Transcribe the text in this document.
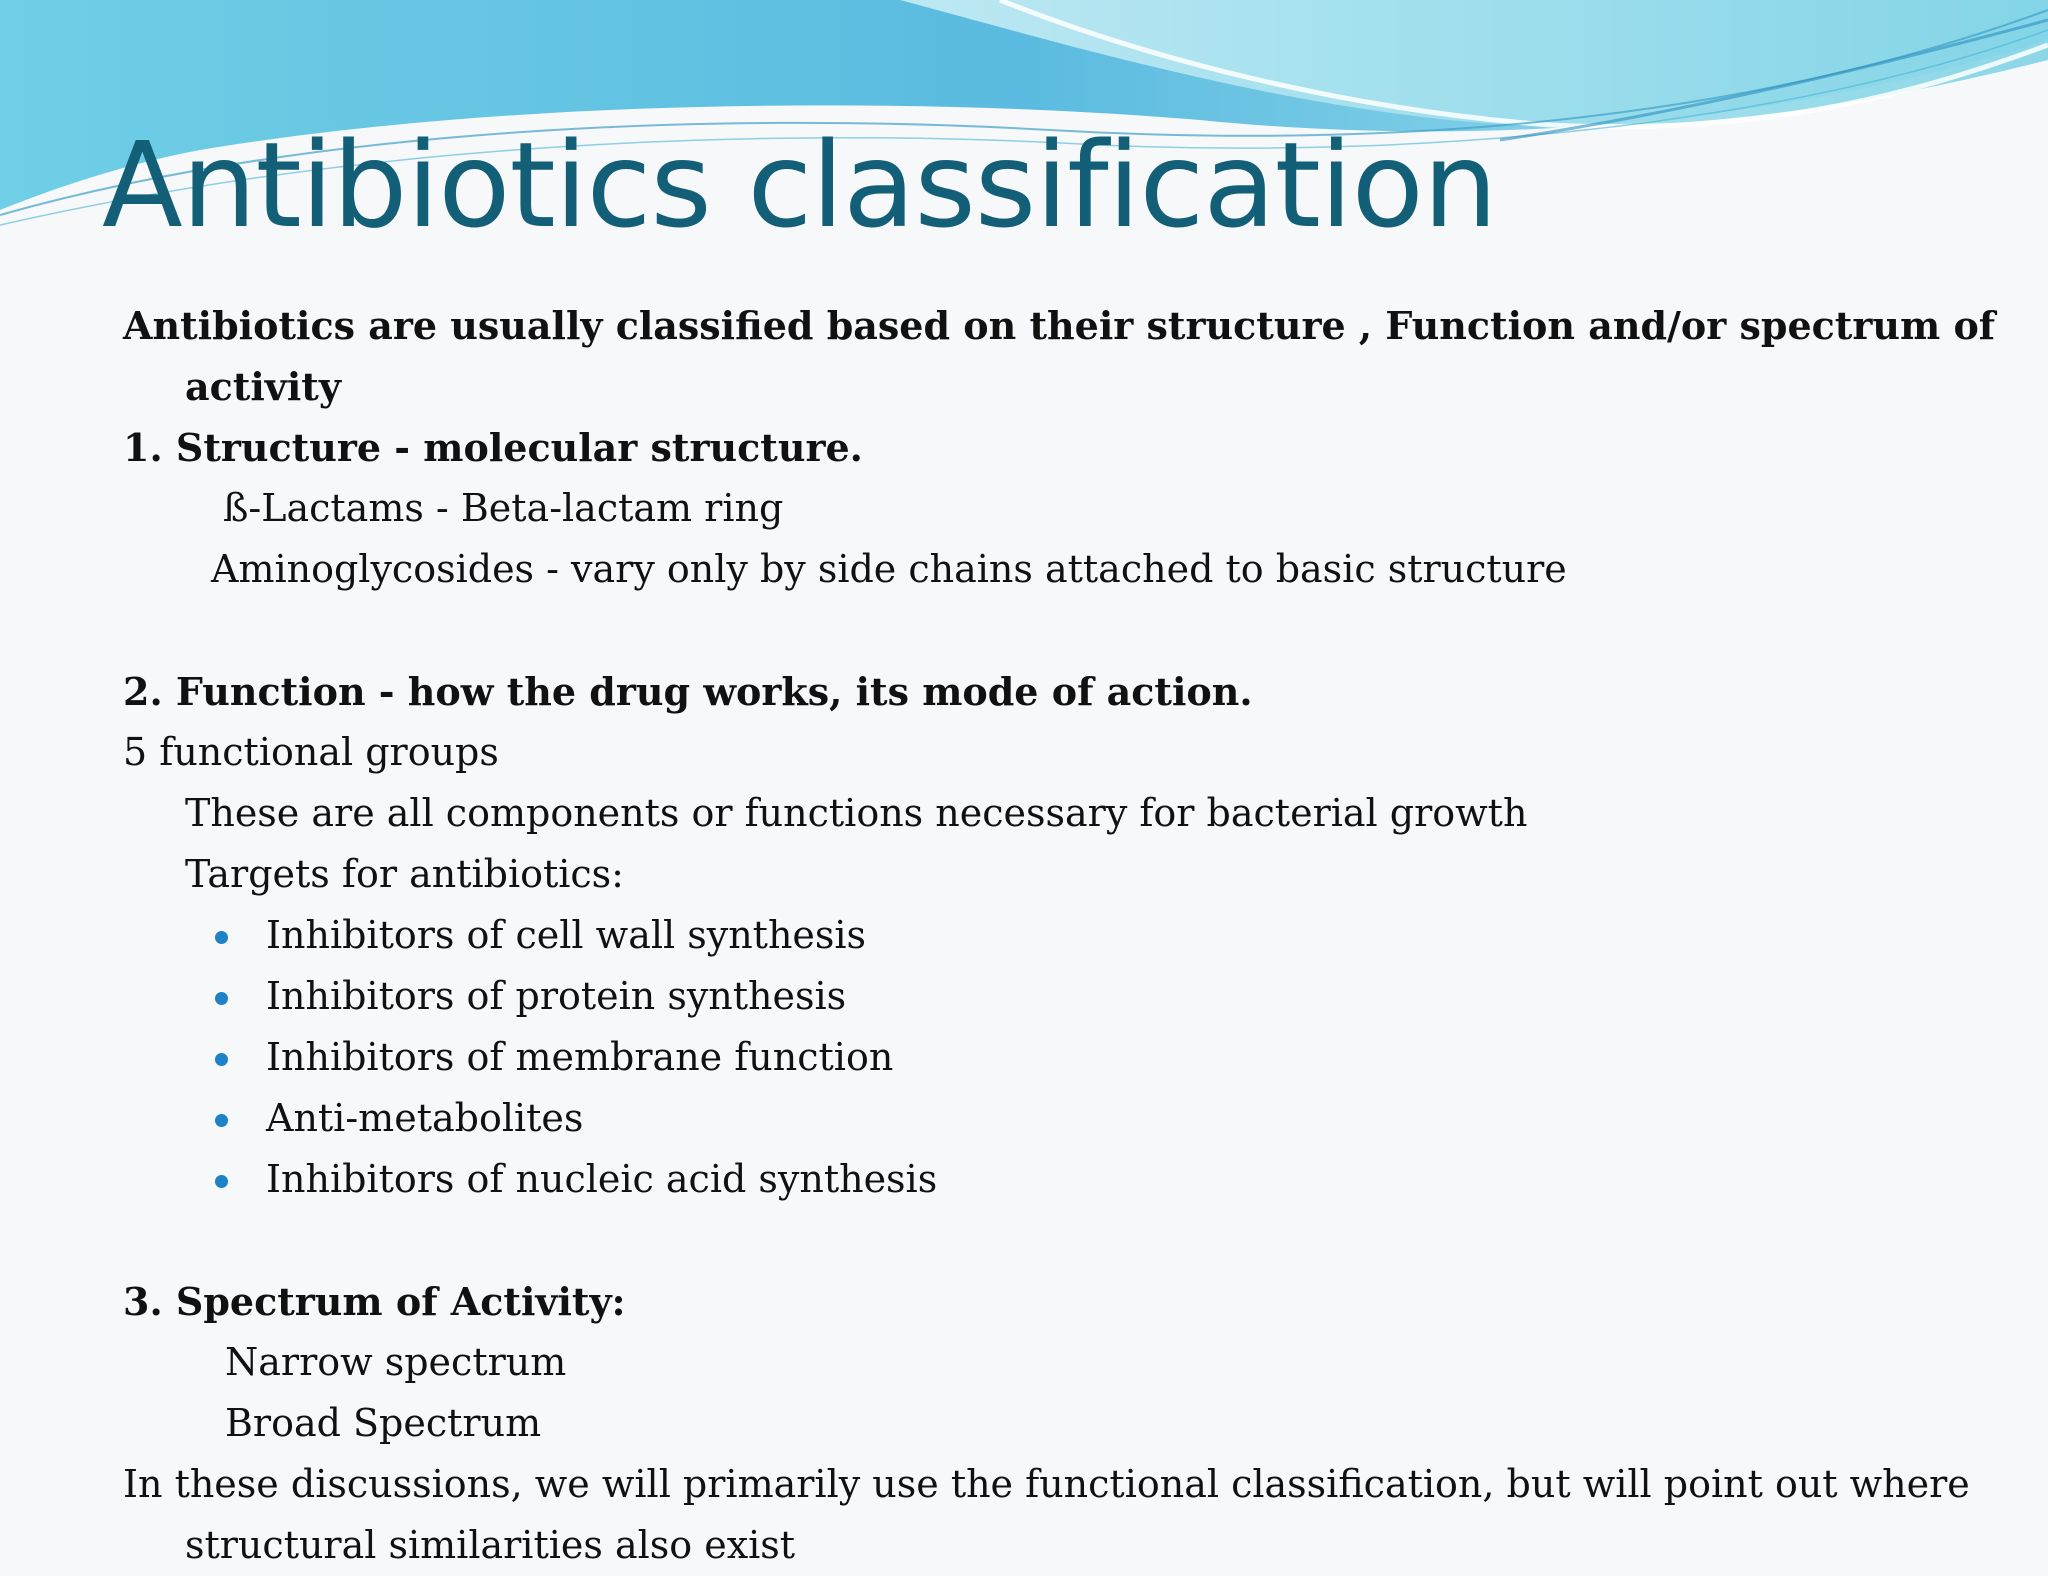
Antibiotics classification
Antibiotics are usually classified based on their structure , Function and/or spectrum of
activity
1. Structure - molecular structure.
ß-Lactams - Beta-lactam ring
Aminoglycosides - vary only by side chains attached to basic structure
2. Function - how the drug works, its mode of action.
5 functional groups
These are all components or functions necessary for bacterial growth
Targets for antibiotics:
Inhibitors of cell wall synthesis
Inhibitors of protein synthesis
Inhibitors of membrane function
Anti-metabolites
Inhibitors of nucleic acid synthesis
3. Spectrum of Activity:
Narrow spectrum
Broad Spectrum
In these discussions, we will primarily use the functional classification, but will point out where
structural similarities also exist
